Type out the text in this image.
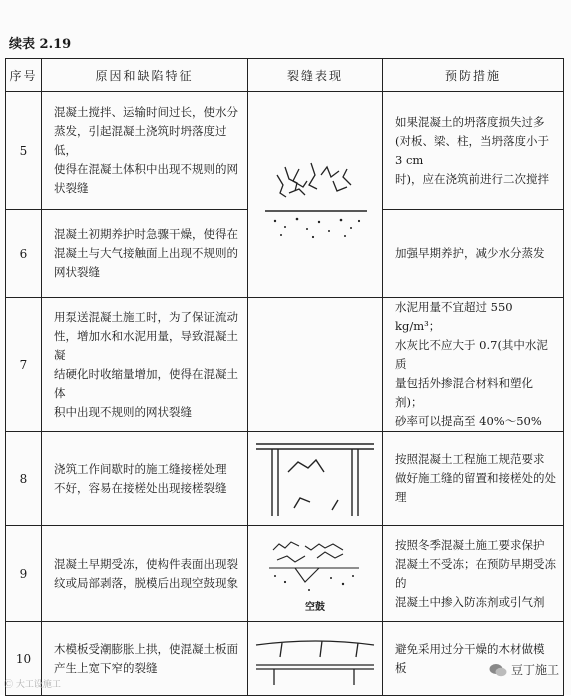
续表 2.19
序号	原因和缺陷特征	裂缝表现	预防措施
5	混凝土搅拌、运输时间过长，使水分
蒸发，引起混凝土浇筑时坍落度过低，
使得在混凝土体积中出现不规则的网
状裂缝		如果混凝土的坍落度损失过多
(对板、梁、柱，当坍落度小于 3 cm
时)，应在浇筑前进行二次搅拌

6	混凝土初期养护时急骤干燥，使得在
混凝土与大气接触面上出现不规则的
网状裂缝		加强早期养护，减少水分蒸发

7	用泵送混凝土施工时，为了保证流动
性，增加水和水泥用量，导致混凝土凝
结硬化时收缩量增加，使得在混凝土体
积中出现不规则的网状裂缝		水泥用量不宜超过 550 kg/m³；
水灰比不应大于 0.7(其中水泥质
量包括外掺混合材料和塑化剂)；
砂率可以提高至 40%～50%

8	浇筑工作间歇时的施工缝接槎处理
不好，容易在接槎处出现接槎裂缝		按照混凝土工程施工规范要求
做好施工缝的留置和接槎处的处
理

9	混凝土早期受冻，使构件表面出现裂
纹或局部剥落，脱模后出现空鼓现象	空鼓	按照冬季混凝土施工要求保护
混凝土不受冻；在预防早期受冻的
混凝土中掺入防冻剂或引气剂

10	木模板受潮膨胀上拱，使混凝土板面
产生上宽下窄的裂缝		避免采用过分干燥的木材做模
板
Ⓒ 大工设施工
豆丁施工
